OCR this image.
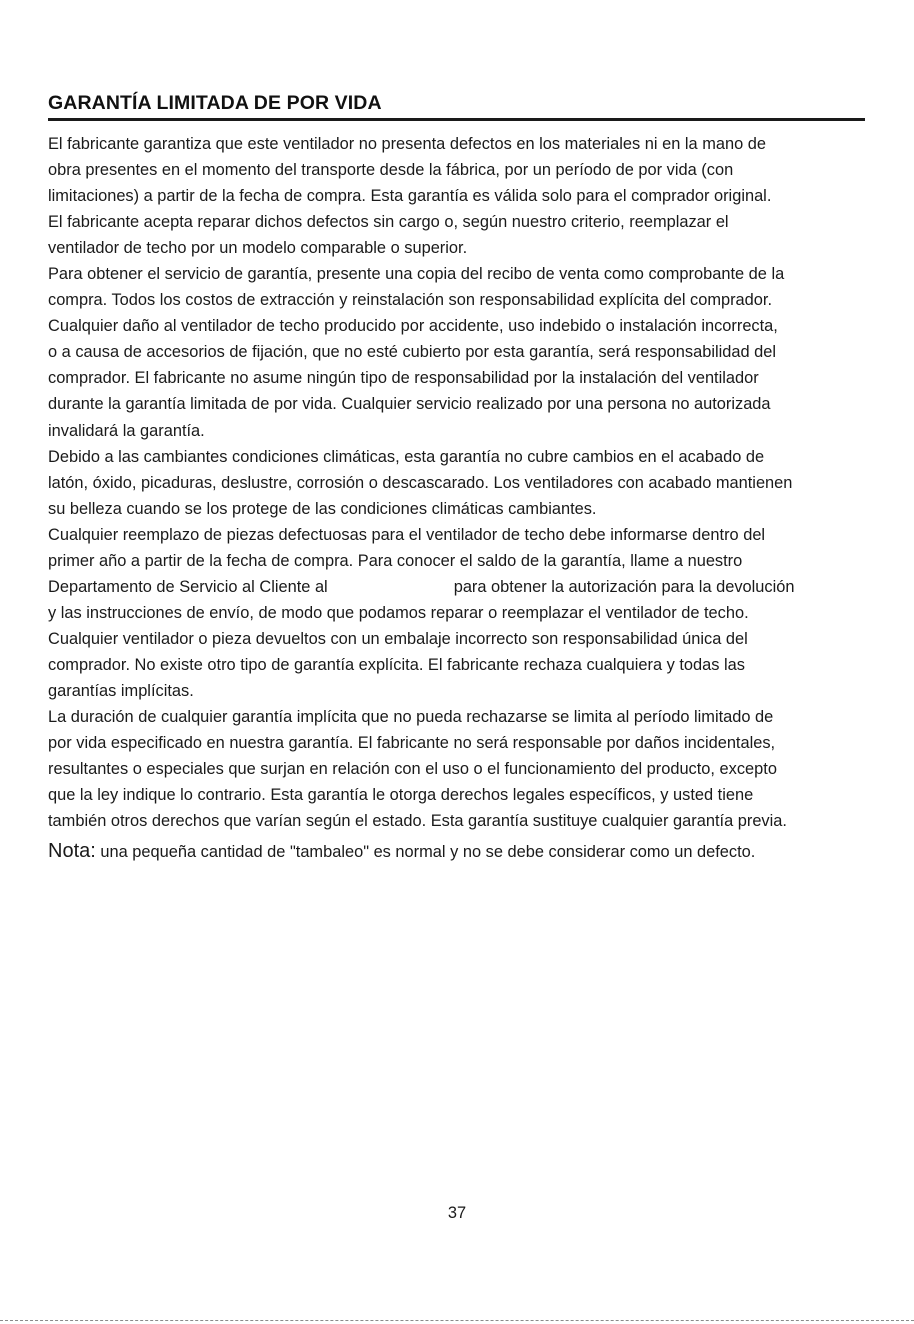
GARANTÍA LIMITADA DE POR VIDA
El fabricante garantiza que este ventilador no presenta defectos en los materiales ni en la mano de
obra presentes en el momento del transporte desde la fábrica, por un período de por vida (con
limitaciones) a partir de la fecha de compra. Esta garantía es válida solo para el comprador original.
El fabricante acepta reparar dichos defectos sin cargo o, según nuestro criterio, reemplazar el
ventilador de techo por un modelo comparable o superior.
Para obtener el servicio de garantía, presente una copia del recibo de venta como comprobante de la
compra. Todos los costos de extracción y reinstalación son responsabilidad explícita del comprador.
Cualquier daño al ventilador de techo producido por accidente, uso indebido o instalación incorrecta,
o a causa de accesorios de fijación, que no esté cubierto por esta garantía, será responsabilidad del
comprador. El fabricante no asume ningún tipo de responsabilidad por la instalación del ventilador
durante la garantía limitada de por vida. Cualquier servicio realizado por una persona no autorizada
invalidará la garantía.
Debido a las cambiantes condiciones climáticas, esta garantía no cubre cambios en el acabado de
latón, óxido, picaduras, deslustre, corrosión o descascarado. Los ventiladores con acabado mantienen
su belleza cuando se los protege de las condiciones climáticas cambiantes.
Cualquier reemplazo de piezas defectuosas para el ventilador de techo debe informarse dentro del
primer año a partir de la fecha de compra. Para conocer el saldo de la garantía, llame a nuestro
Departamento de Servicio al Cliente al	para obtener la autorización para la devolución
y las instrucciones de envío, de modo que podamos reparar o reemplazar el ventilador de techo.
Cualquier ventilador o pieza devueltos con un embalaje incorrecto son responsabilidad única del
comprador. No existe otro tipo de garantía explícita. El fabricante rechaza cualquiera y todas las
garantías implícitas.
La duración de cualquier garantía implícita que no pueda rechazarse se limita al período limitado de
por vida especificado en nuestra garantía. El fabricante no será responsable por daños incidentales,
resultantes o especiales que surjan en relación con el uso o el funcionamiento del producto, excepto
que la ley indique lo contrario. Esta garantía le otorga derechos legales específicos, y usted tiene
también otros derechos que varían según el estado. Esta garantía sustituye cualquier garantía previa.
Nota: una pequeña cantidad de "tambaleo" es normal y no se debe considerar como un defecto.
37
